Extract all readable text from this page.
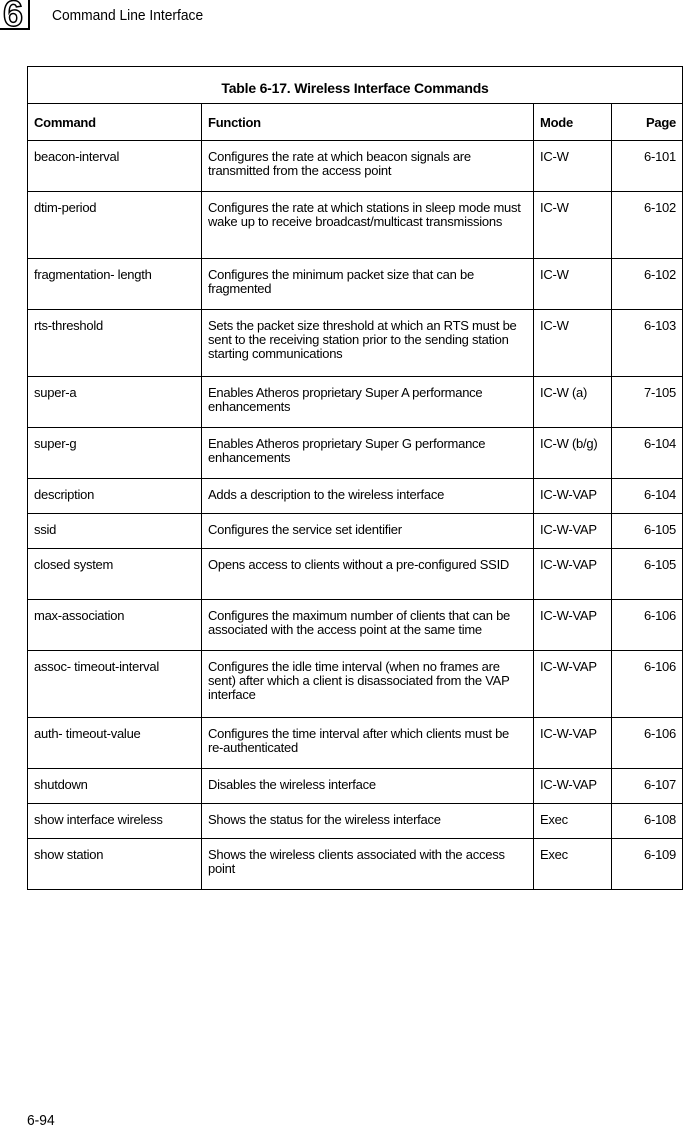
6 Command Line Interface
Table 6-17. Wireless Interface Commands			

Command	Function	Mode	Page

beacon-interval	Configures the rate at which beacon signals are transmitted from the access point	IC-W	6-101

dtim-period	Configures the rate at which stations in sleep mode must wake up to receive broadcast/multicast transmissions	IC-W	6-102

fragmentation- length	Configures the minimum packet size that can be fragmented	IC-W	6-102

rts-threshold	Sets the packet size threshold at which an RTS must be sent to the receiving station prior to the sending station starting communications	IC-W	6-103

super-a	Enables Atheros proprietary Super A performance enhancements	IC-W (a)	7-105

super-g	Enables Atheros proprietary Super G performance enhancements	IC-W (b/g)	6-104

description	Adds a description to the wireless interface	IC-W-VAP	6-104

ssid	Configures the service set identifier	IC-W-VAP	6-105

closed system	Opens access to clients without a pre-configured SSID	IC-W-VAP	6-105

max-association	Configures the maximum number of clients that can be associated with the access point at the same time	IC-W-VAP	6-106

assoc- timeout-interval	Configures the idle time interval (when no frames are sent) after which a client is disassociated from the VAP interface	IC-W-VAP	6-106

auth- timeout-value	Configures the time interval after which clients must be re-authenticated	IC-W-VAP	6-106

shutdown	Disables the wireless interface	IC-W-VAP	6-107

show interface wireless	Shows the status for the wireless interface	Exec	6-108

show station	Shows the wireless clients associated with the access point	Exec	6-109
6-94
